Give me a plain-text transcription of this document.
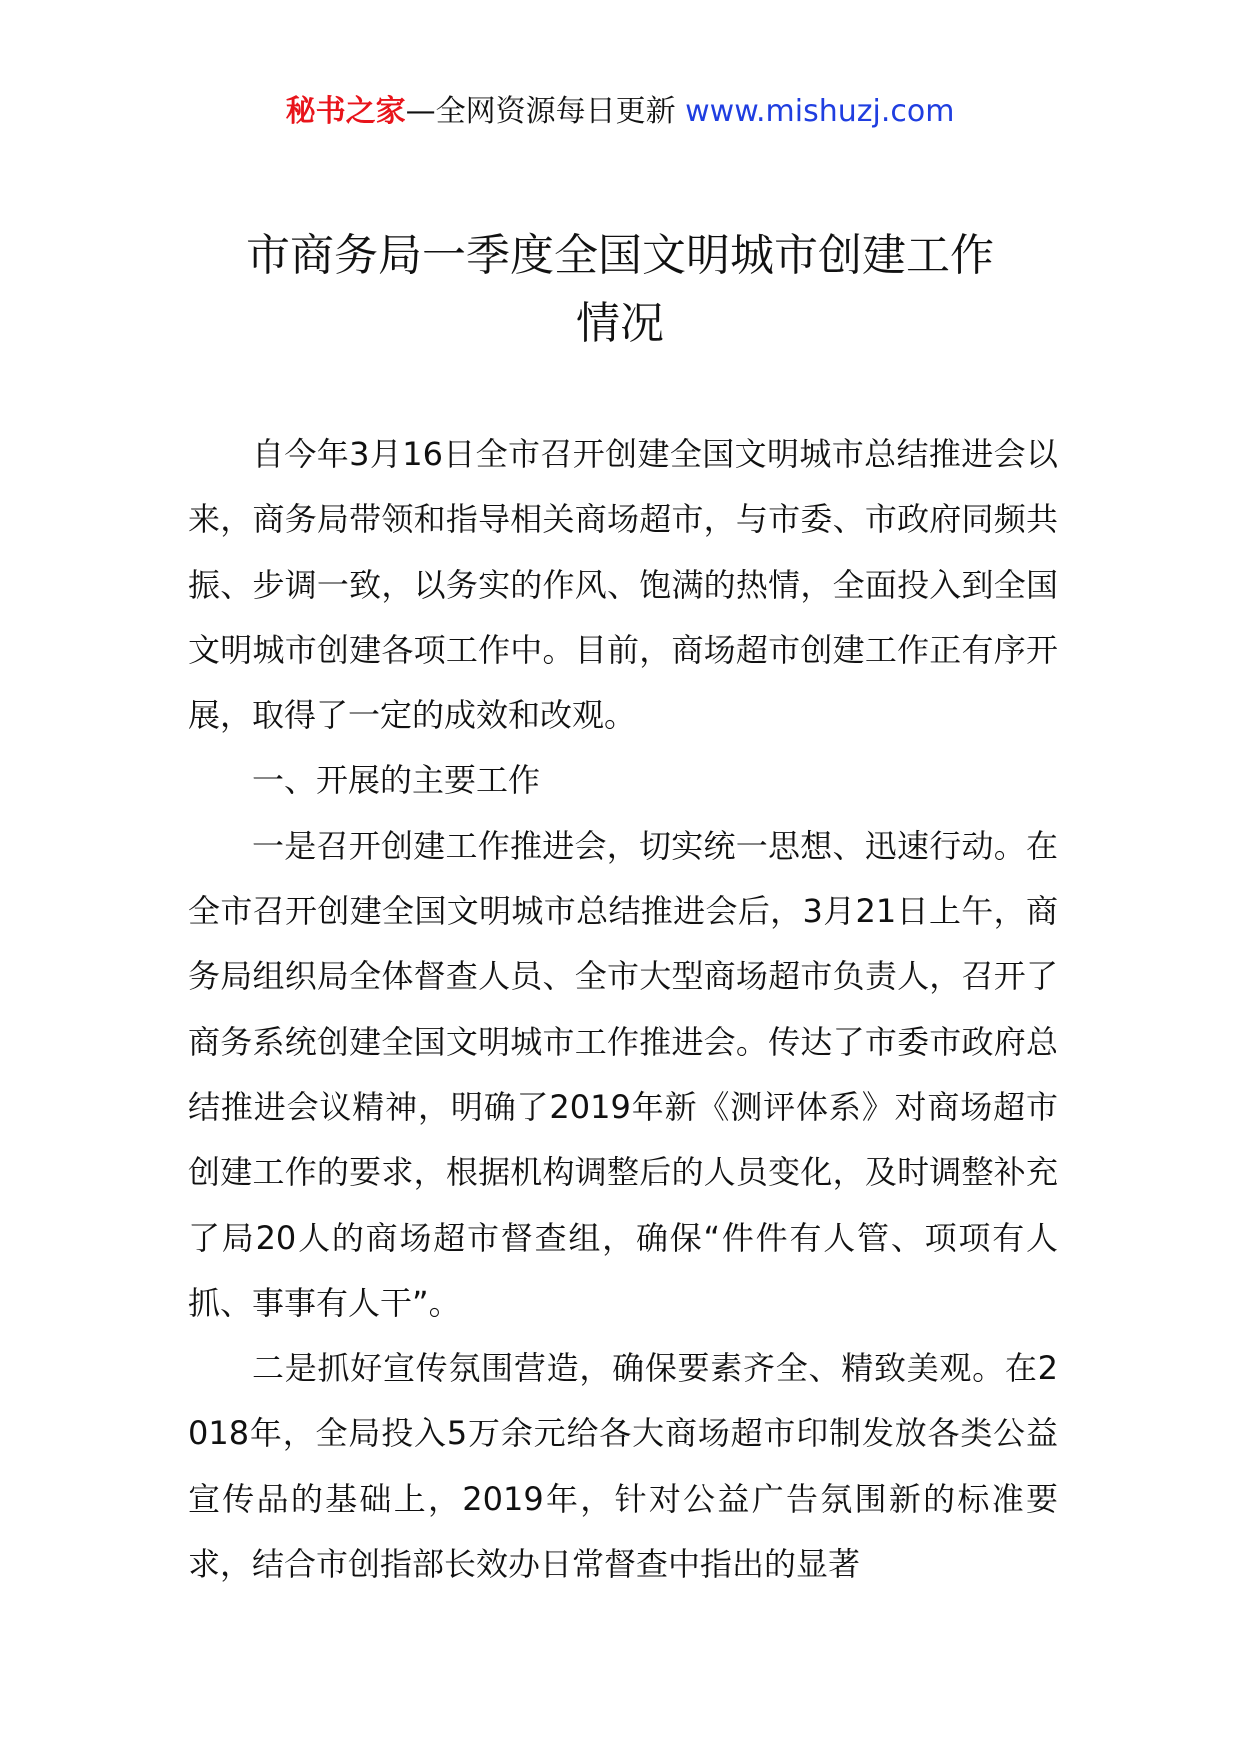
秘书之家—全网资源每日更新 www.mishuzj.com
市商务局一季度全国文明城市创建工作
情况

自今年3月16日全市召开创建全国文明城市总结推进会以来，商务局带领和指导相关商场超市，与市委、市政府同频共振、步调一致，以务实的作风、饱满的热情，全面投入到全国文明城市创建各项工作中。目前，商场超市创建工作正有序开展，取得了一定的成效和改观。

一、开展的主要工作

一是召开创建工作推进会，切实统一思想、迅速行动。在全市召开创建全国文明城市总结推进会后，3月21日上午，商务局组织局全体督查人员、全市大型商场超市负责人，召开了商务系统创建全国文明城市工作推进会。传达了市委市政府总结推进会议精神，明确了2019年新《测评体系》对商场超市创建工作的要求，根据机构调整后的人员变化，及时调整补充了局20人的商场超市督查组，确保“件件有人管、项项有人抓、事事有人干”。

二是抓好宣传氛围营造，确保要素齐全、精致美观。在2018年，全局投入5万余元给各大商场超市印制发放各类公益宣传品的基础上，2019年，针对公益广告氛围新的标准要求，结合市创指部长效办日常督查中指出的显著
